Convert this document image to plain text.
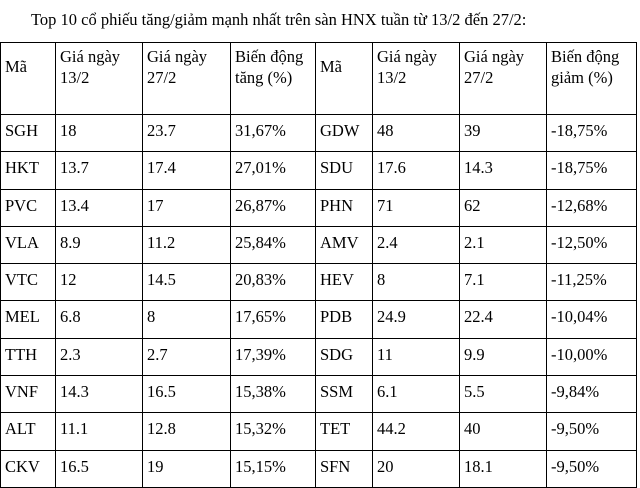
Top 10 cổ phiếu tăng/giảm mạnh nhất trên sàn HNX tuần từ 13/2 đến 27/2:
Mã	Giá ngày 13/2	Giá ngày 27/2	Biến động tăng (%)	Mã	Giá ngày 13/2	Giá ngày 27/2	Biến động giảm (%)
SGH	18	23.7	31,67%	GDW	48	39	-18,75%
HKT	13.7	17.4	27,01%	SDU	17.6	14.3	-18,75%
PVC	13.4	17	26,87%	PHN	71	62	-12,68%
VLA	8.9	11.2	25,84%	AMV	2.4	2.1	-12,50%
VTC	12	14.5	20,83%	HEV	8	7.1	-11,25%
MEL	6.8	8	17,65%	PDB	24.9	22.4	-10,04%
TTH	2.3	2.7	17,39%	SDG	11	9.9	-10,00%
VNF	14.3	16.5	15,38%	SSM	6.1	5.5	-9,84%
ALT	11.1	12.8	15,32%	TET	44.2	40	-9,50%
CKV	16.5	19	15,15%	SFN	20	18.1	-9,50%
